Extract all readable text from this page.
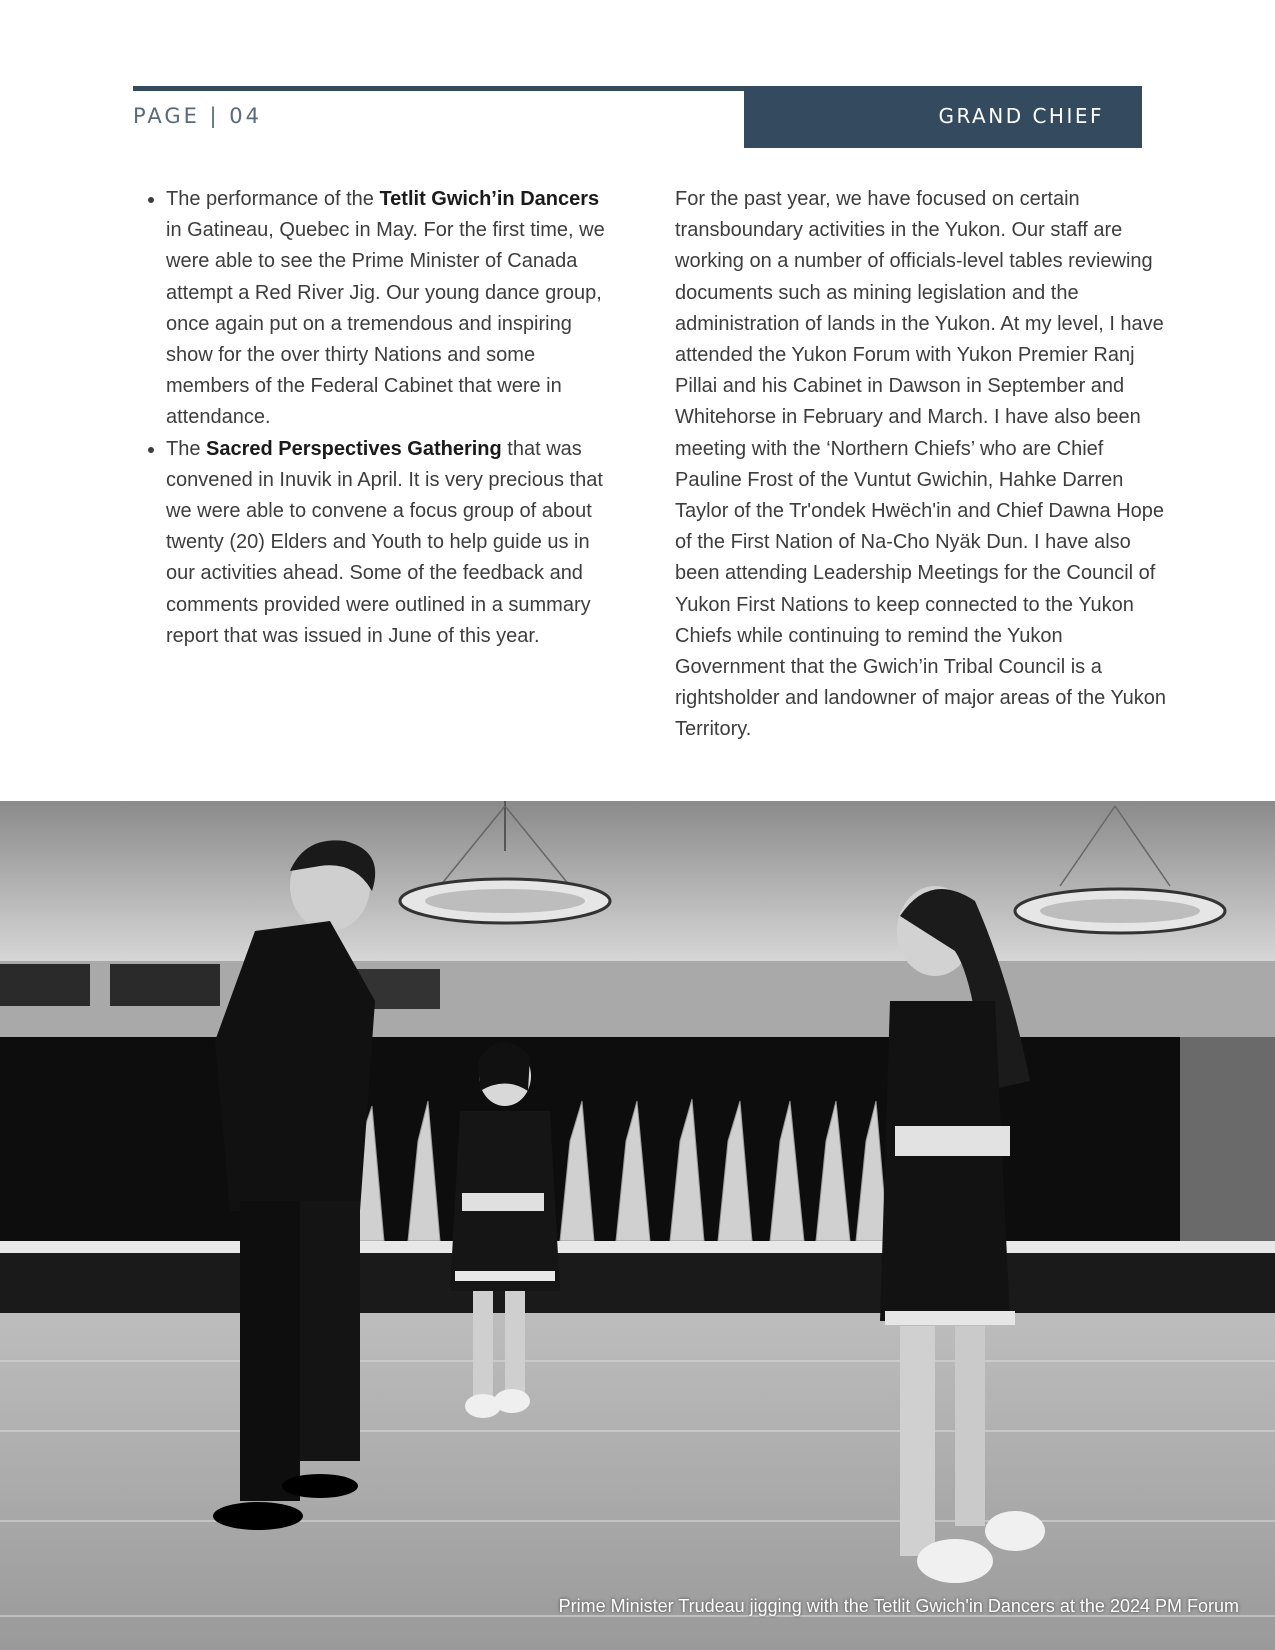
PAGE | 04	GRAND CHIEF
• The performance of the Tetlit Gwich’in Dancers in Gatineau, Quebec in May. For the first time, we were able to see the Prime Minister of Canada attempt a Red River Jig. Our young dance group, once again put on a tremendous and inspiring show for the over thirty Nations and some members of the Federal Cabinet that were in attendance.
• The Sacred Perspectives Gathering that was convened in Inuvik in April. It is very precious that we were able to convene a focus group of about twenty (20) Elders and Youth to help guide us in our activities ahead. Some of the feedback and comments provided were outlined in a summary report that was issued in June of this year.

For the past year, we have focused on certain transboundary activities in the Yukon. Our staff are working on a number of officials-level tables reviewing documents such as mining legislation and the administration of lands in the Yukon. At my level, I have attended the Yukon Forum with Yukon Premier Ranj Pillai and his Cabinet in Dawson in September and Whitehorse in February and March. I have also been meeting with the ‘Northern Chiefs’ who are Chief Pauline Frost of the Vuntut Gwichin, Hahke Darren Taylor of the Tr'ondek Hwëch'in and Chief Dawna Hope of the First Nation of Na-Cho Nyäk Dun. I have also been attending Leadership Meetings for the Council of Yukon First Nations to keep connected to the Yukon Chiefs while continuing to remind the Yukon Government that the Gwich’in Tribal Council is a rightsholder and landowner of major areas of the Yukon Territory.

Prime Minister Trudeau jigging with the Tetlit Gwich'in Dancers at the 2024 PM Forum
